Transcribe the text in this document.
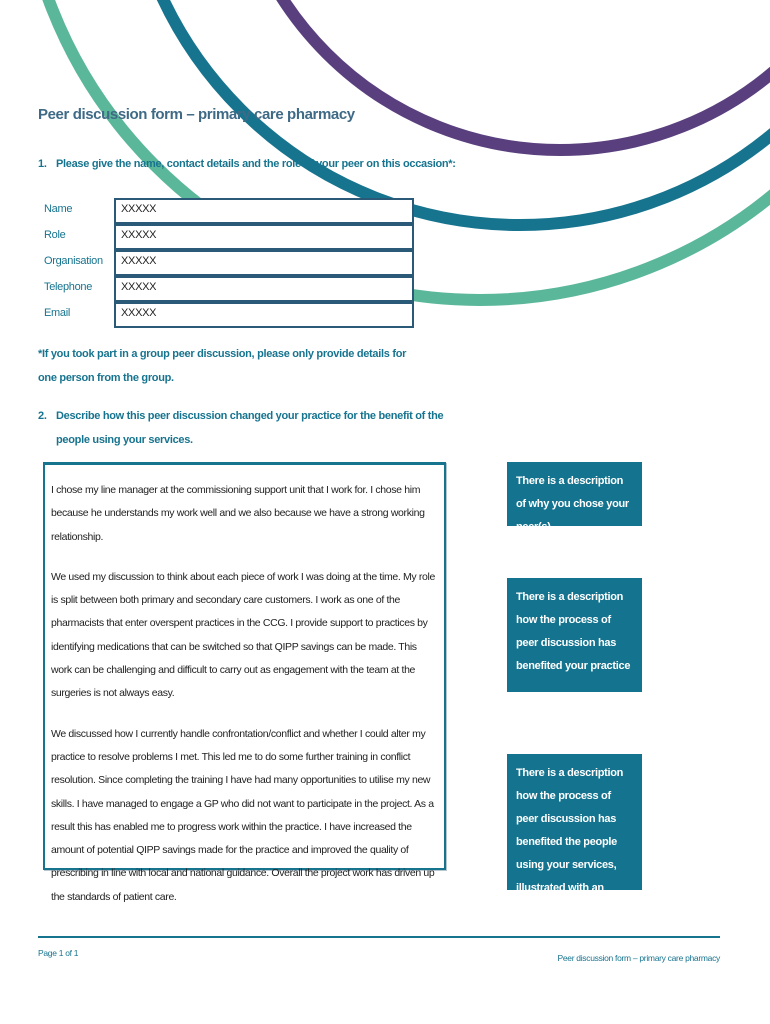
Peer discussion form – primary care pharmacy
1. Please give the name, contact details and the role of your peer on this occasion*:
Name	XXXXX
Role	XXXXX
Organisation XXXXX
Telephone	XXXXX
Email	XXXXX
*If you took part in a group peer discussion, please only provide details for one person from the group.
2. Describe how this peer discussion changed your practice for the benefit of the
people using your services.

I chose my line manager at the commissioning support unit that I work for. I chose him because he understands my work well and we also because we have a strong working relationship.

We used my discussion to think about each piece of work I was doing at the time. My role is split between both primary and secondary care customers. I work as one of the pharmacists that enter overspent practices in the CCG. I provide support to practices by identifying medications that can be switched so that QIPP savings can be made. This work can be challenging and difficult to carry out as engagement with the team at the surgeries is not always easy.

We discussed how I currently handle confrontation/conflict and whether I could alter my practice to resolve problems I met. This led me to do some further training in conflict resolution. Since completing the training I have had many opportunities to utilise my new skills. I have managed to engage a GP who did not want to participate in the project. As a result this has enabled me to progress work within the practice. I have increased the amount of potential QIPP savings made for the practice and improved the quality of prescribing in line with local and national guidance. Overall the project work has driven up the standards of patient care.

There is a description of why you chose your peer(s)
There is a description how the process of peer discussion has benefited your practice
There is a description how the process of peer discussion has benefited the people using your services, illustrated with an example
Page 1 of 1	Peer discussion form – primary care pharmacy
